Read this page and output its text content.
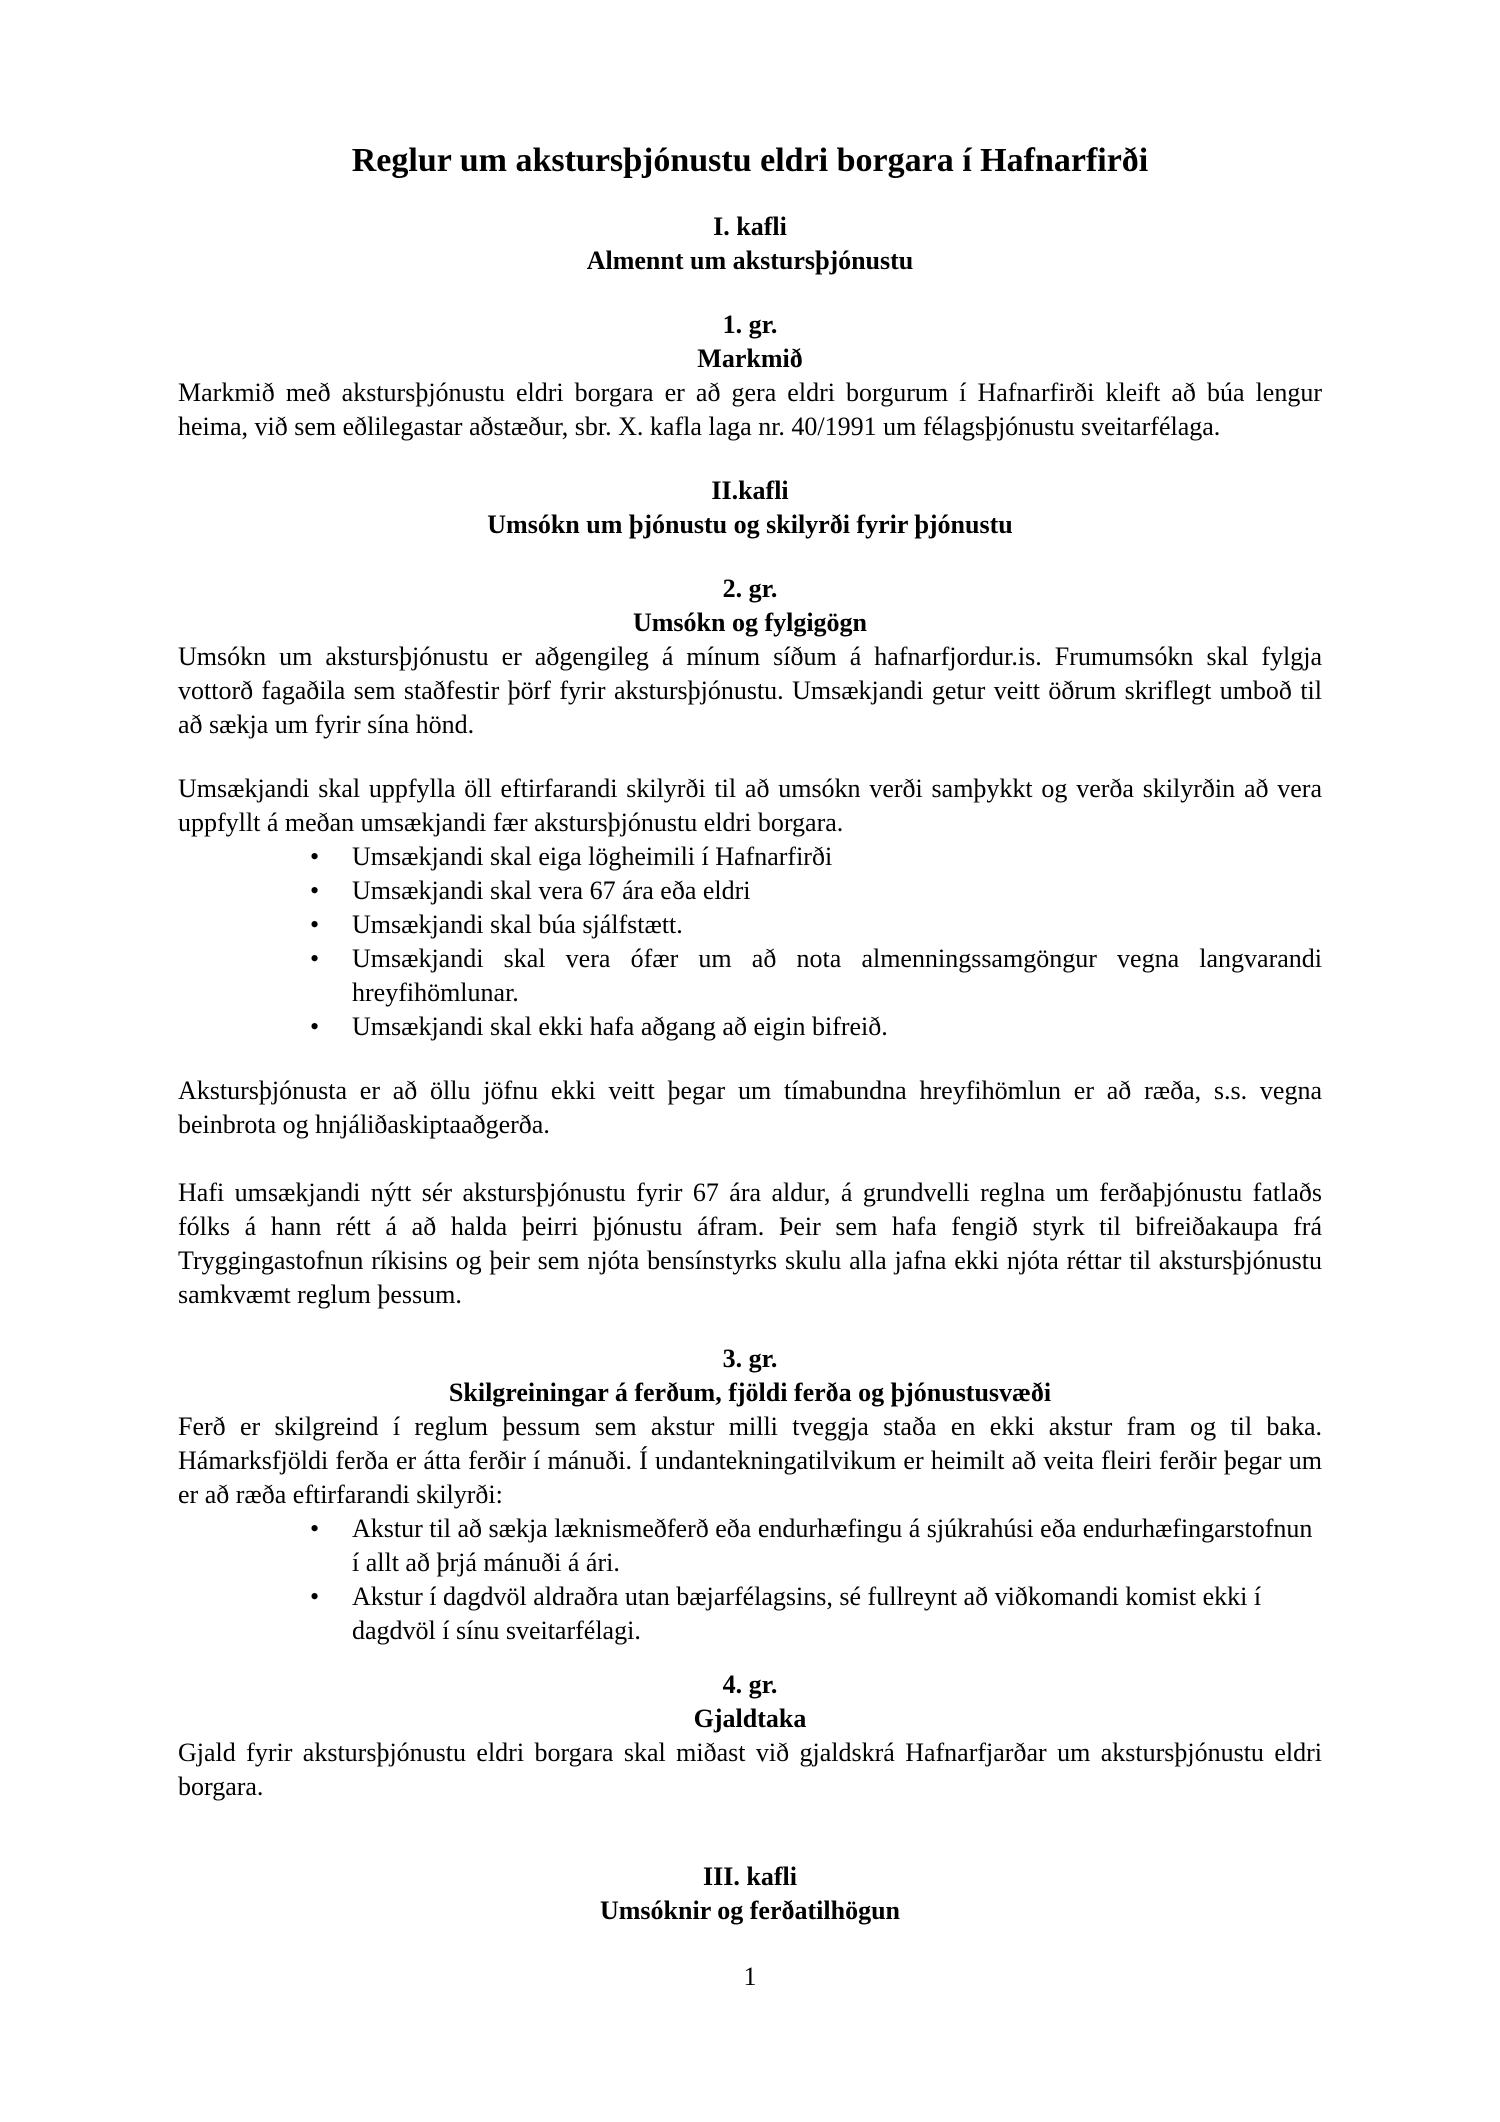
Reglur um akstursþjónustu eldri borgara í Hafnarfirði
I. kafli
Almennt um akstursþjónustu
1. gr.
Markmið

Markmið með akstursþjónustu eldri borgara er að gera eldri borgurum í Hafnarfirði kleift að búa lengur heima, við sem eðlilegastar aðstæður, sbr. X. kafla laga nr. 40/1991 um félagsþjónustu sveitarfélaga.

II.kafli
Umsókn um þjónustu og skilyrði fyrir þjónustu
2. gr.
Umsókn og fylgigögn

Umsókn um akstursþjónustu er aðgengileg á mínum síðum á hafnarfjordur.is. Frumumsókn skal fylgja vottorð fagaðila sem staðfestir þörf fyrir akstursþjónustu. Umsækjandi getur veitt öðrum skriflegt umboð til að sækja um fyrir sína hönd.

Umsækjandi skal uppfylla öll eftirfarandi skilyrði til að umsókn verði samþykkt og verða skilyrðin að vera uppfyllt á meðan umsækjandi fær akstursþjónustu eldri borgara.

•	Umsækjandi skal eiga lögheimili í Hafnarfirði
•	Umsækjandi skal vera 67 ára eða eldri
•	Umsækjandi skal búa sjálfstætt.
•	Umsækjandi skal vera ófær um að nota almenningssamgöngur vegna langvarandi hreyfihömlunar.
•	Umsækjandi skal ekki hafa aðgang að eigin bifreið.

Akstursþjónusta er að öllu jöfnu ekki veitt þegar um tímabundna hreyfihömlun er að ræða, s.s. vegna beinbrota og hnjáliðaskiptaaðgerða.

Hafi umsækjandi nýtt sér akstursþjónustu fyrir 67 ára aldur, á grundvelli reglna um ferðaþjónustu fatlaðs fólks á hann rétt á að halda þeirri þjónustu áfram. Þeir sem hafa fengið styrk til bifreiðakaupa frá Tryggingastofnun ríkisins og þeir sem njóta bensínstyrks skulu alla jafna ekki njóta réttar til akstursþjónustu samkvæmt reglum þessum.

3. gr.
Skilgreiningar á ferðum, fjöldi ferða og þjónustusvæði

Ferð er skilgreind í reglum þessum sem akstur milli tveggja staða en ekki akstur fram og til baka. Hámarksfjöldi ferða er átta ferðir í mánuði. Í undantekningatilvikum er heimilt að veita fleiri ferðir þegar um er að ræða eftirfarandi skilyrði:

•	Akstur til að sækja læknismeðferð eða endurhæfingu á sjúkrahúsi eða endurhæfingarstofnun í allt að þrjá mánuði á ári.
•	Akstur í dagdvöl aldraðra utan bæjarfélagsins, sé fullreynt að viðkomandi komist ekki í dagdvöl í sínu sveitarfélagi.
4. gr.
Gjaldtaka

Gjald fyrir akstursþjónustu eldri borgara skal miðast við gjaldskrá Hafnarfjarðar um akstursþjónustu eldri borgara.

III. kafli
Umsóknir og ferðatilhögun
1
